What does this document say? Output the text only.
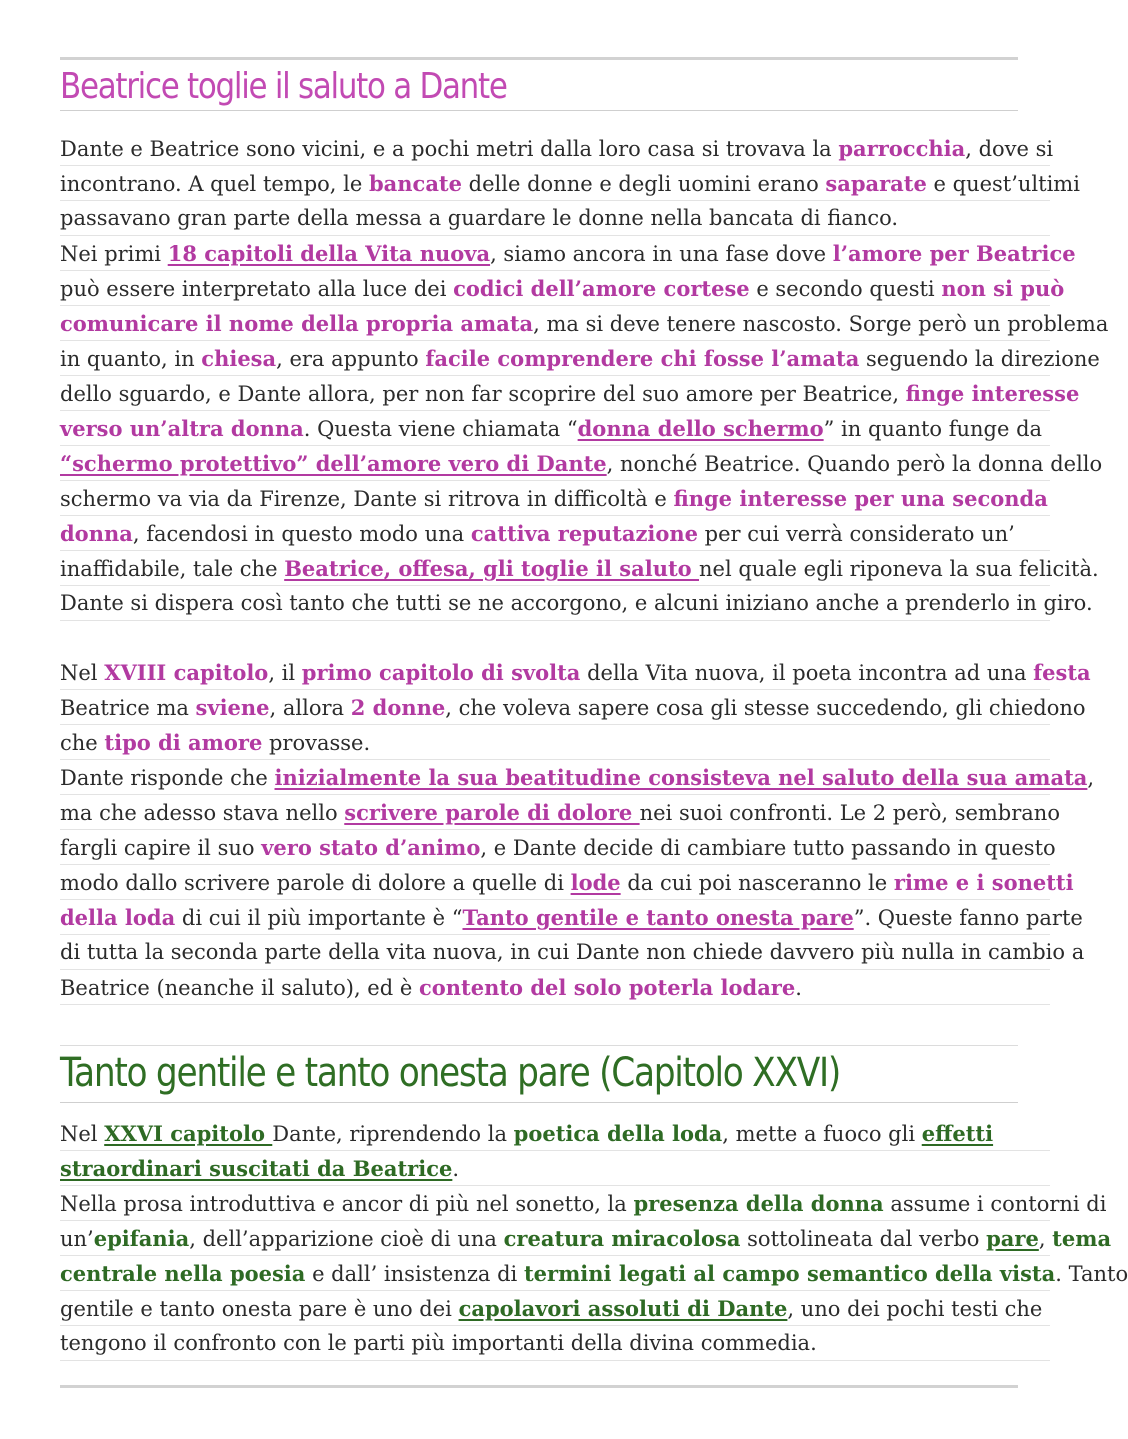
Beatrice toglie il saluto a Dante
Dante e Beatrice sono vicini, e a pochi metri dalla loro casa si trovava la parrocchia, dove si
incontrano. A quel tempo, le bancate delle donne e degli uomini erano saparate e quest’ultimi
passavano gran parte della messa a guardare le donne nella bancata di fianco.
Nei primi 18 capitoli della Vita nuova, siamo ancora in una fase dove l’amore per Beatrice
può essere interpretato alla luce dei codici dell’amore cortese e secondo questi non si può
comunicare il nome della propria amata, ma si deve tenere nascosto. Sorge però un problema
in quanto, in chiesa, era appunto facile comprendere chi fosse l’amata seguendo la direzione
dello sguardo, e Dante allora, per non far scoprire del suo amore per Beatrice, finge interesse
verso un’altra donna. Questa viene chiamata “donna dello schermo” in quanto funge da
“schermo protettivo” dell’amore vero di Dante, nonché Beatrice. Quando però la donna dello
schermo va via da Firenze, Dante si ritrova in difficoltà e finge interesse per una seconda
donna, facendosi in questo modo una cattiva reputazione per cui verrà considerato un’
inaffidabile, tale che Beatrice, offesa, gli toglie il saluto nel quale egli riponeva la sua felicità.
Dante si dispera così tanto che tutti se ne accorgono, e alcuni iniziano anche a prenderlo in giro.
Nel XVIII capitolo, il primo capitolo di svolta della Vita nuova, il poeta incontra ad una festa
Beatrice ma sviene, allora 2 donne, che voleva sapere cosa gli stesse succedendo, gli chiedono
che tipo di amore provasse.
Dante risponde che inizialmente la sua beatitudine consisteva nel saluto della sua amata,
ma che adesso stava nello scrivere parole di dolore nei suoi confronti. Le 2 però, sembrano
fargli capire il suo vero stato d’animo, e Dante decide di cambiare tutto passando in questo
modo dallo scrivere parole di dolore a quelle di lode da cui poi nasceranno le rime e i sonetti
della loda di cui il più importante è “Tanto gentile e tanto onesta pare”. Queste fanno parte
di tutta la seconda parte della vita nuova, in cui Dante non chiede davvero più nulla in cambio a
Beatrice (neanche il saluto), ed è contento del solo poterla lodare.
Tanto gentile e tanto onesta pare (Capitolo XXVI)
Nel XXVI capitolo Dante, riprendendo la poetica della loda, mette a fuoco gli effetti
straordinari suscitati da Beatrice.
Nella prosa introduttiva e ancor di più nel sonetto, la presenza della donna assume i contorni di
un’epifania, dell’apparizione cioè di una creatura miracolosa sottolineata dal verbo pare, tema
centrale nella poesia e dall’ insistenza di termini legati al campo semantico della vista. Tanto
gentile e tanto onesta pare è uno dei capolavori assoluti di Dante, uno dei pochi testi che
tengono il confronto con le parti più importanti della divina commedia.
